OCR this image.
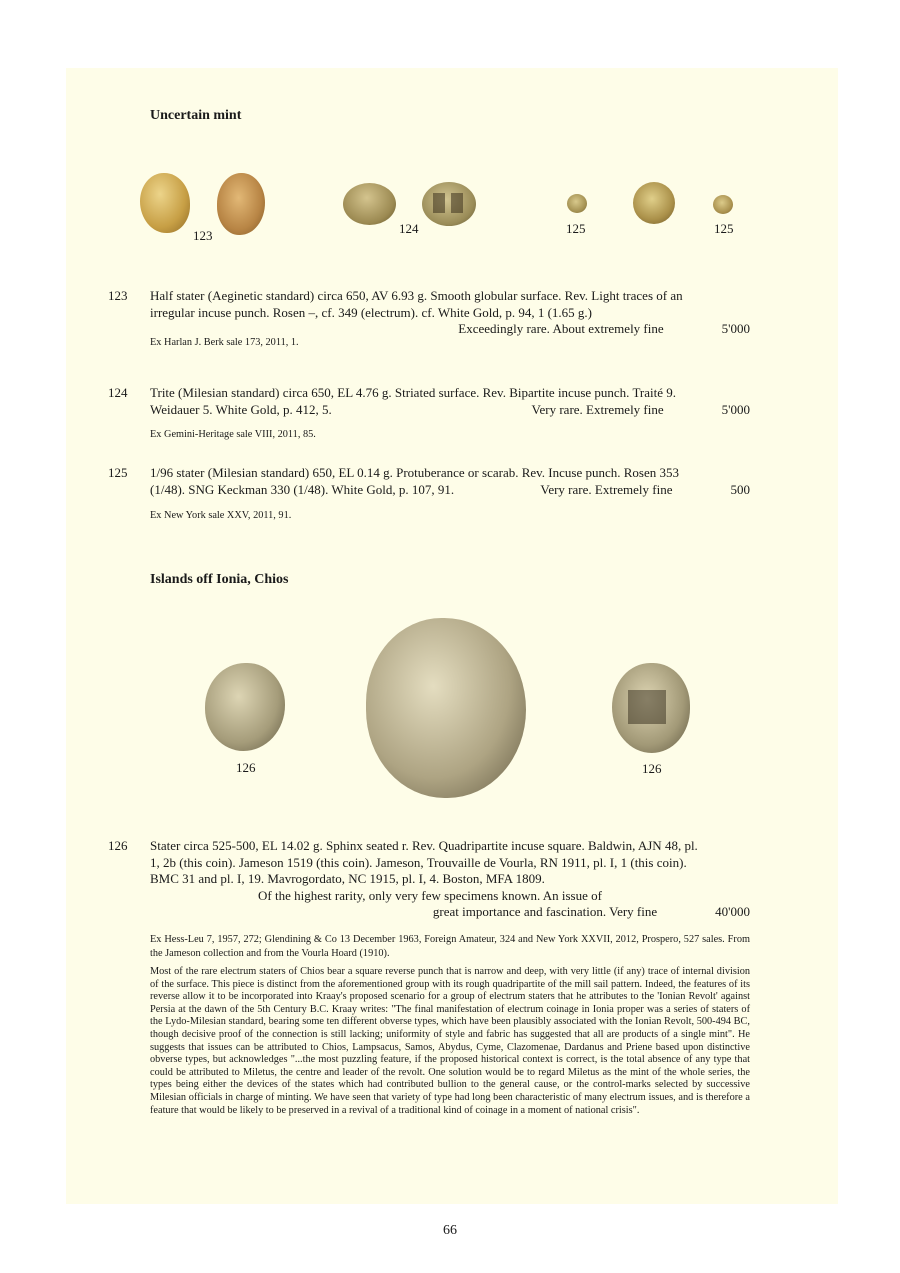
Uncertain mint
123	124	125	125
123 Half stater (Aeginetic standard) circa 650, AV 6.93 g. Smooth globular surface. Rev. Light traces of an
irregular incuse punch. Rosen –, cf. 349 (electrum). cf. White Gold, p. 94, 1 (1.65 g.)
Exceedingly rare. About extremely fine	5'000
Ex Harlan J. Berk sale 173, 2011, 1.
124 Trite (Milesian standard) circa 650, EL 4.76 g. Striated surface. Rev. Bipartite incuse punch. Traité 9.
Weidauer 5. White Gold, p. 412, 5.	Very rare. Extremely fine	5'000
Ex Gemini-Heritage sale VIII, 2011, 85.
125 1/96 stater (Milesian standard) 650, EL 0.14 g. Protuberance or scarab. Rev. Incuse punch. Rosen 353
(1/48). SNG Keckman 330 (1/48). White Gold, p. 107, 91.	Very rare. Extremely fine	500
Ex New York sale XXV, 2011, 91.
Islands off Ionia, Chios
126	126
126 Stater circa 525-500, EL 14.02 g. Sphinx seated r. Rev. Quadripartite incuse square. Baldwin, AJN 48, pl.
1, 2b (this coin). Jameson 1519 (this coin). Jameson, Trouvaille de Vourla, RN 1911, pl. I, 1 (this coin).
BMC 31 and pl. I, 19. Mavrogordato, NC 1915, pl. I, 4. Boston, MFA 1809.
Of the highest rarity, only very few specimens known. An issue of
great importance and fascination. Very fine	40'000
Ex Hess-Leu 7, 1957, 272; Glendining & Co 13 December 1963, Foreign Amateur, 324 and New York XXVII, 2012, Prospero, 527 sales. From the Jameson collection and from the Vourla Hoard (1910).
Most of the rare electrum staters of Chios bear a square reverse punch that is narrow and deep, with very little (if any) trace of internal division of the surface. This piece is distinct from the aforementioned group with its rough quadripartite of the mill sail pattern. Indeed, the features of its reverse allow it to be incorporated into Kraay's proposed scenario for a group of electrum staters that he attributes to the 'Ionian Revolt' against Persia at the dawn of the 5th Century B.C. Kraay writes: "The final manifestation of electrum coinage in Ionia proper was a series of staters of the Lydo-Milesian standard, bearing some ten different obverse types, which have been plausibly associated with the Ionian Revolt, 500-494 BC, though decisive proof of the connection is still lacking; uniformity of style and fabric has suggested that all are products of a single mint". He suggests that issues can be attributed to Chios, Lampsacus, Samos, Abydus, Cyme, Clazomenae, Dardanus and Priene based upon distinctive obverse types, but acknowledges "...the most puzzling feature, if the proposed historical context is correct, is the total absence of any type that could be attributed to Miletus, the centre and leader of the revolt. One solution would be to regard Miletus as the mint of the whole series, the types being either the devices of the states which had contributed bullion to the general cause, or the control-marks selected by successive Milesian officials in charge of minting. We have seen that variety of type had long been characteristic of many electrum issues, and is therefore a feature that would be likely to be preserved in a revival of a traditional kind of coinage in a moment of national crisis".
66
